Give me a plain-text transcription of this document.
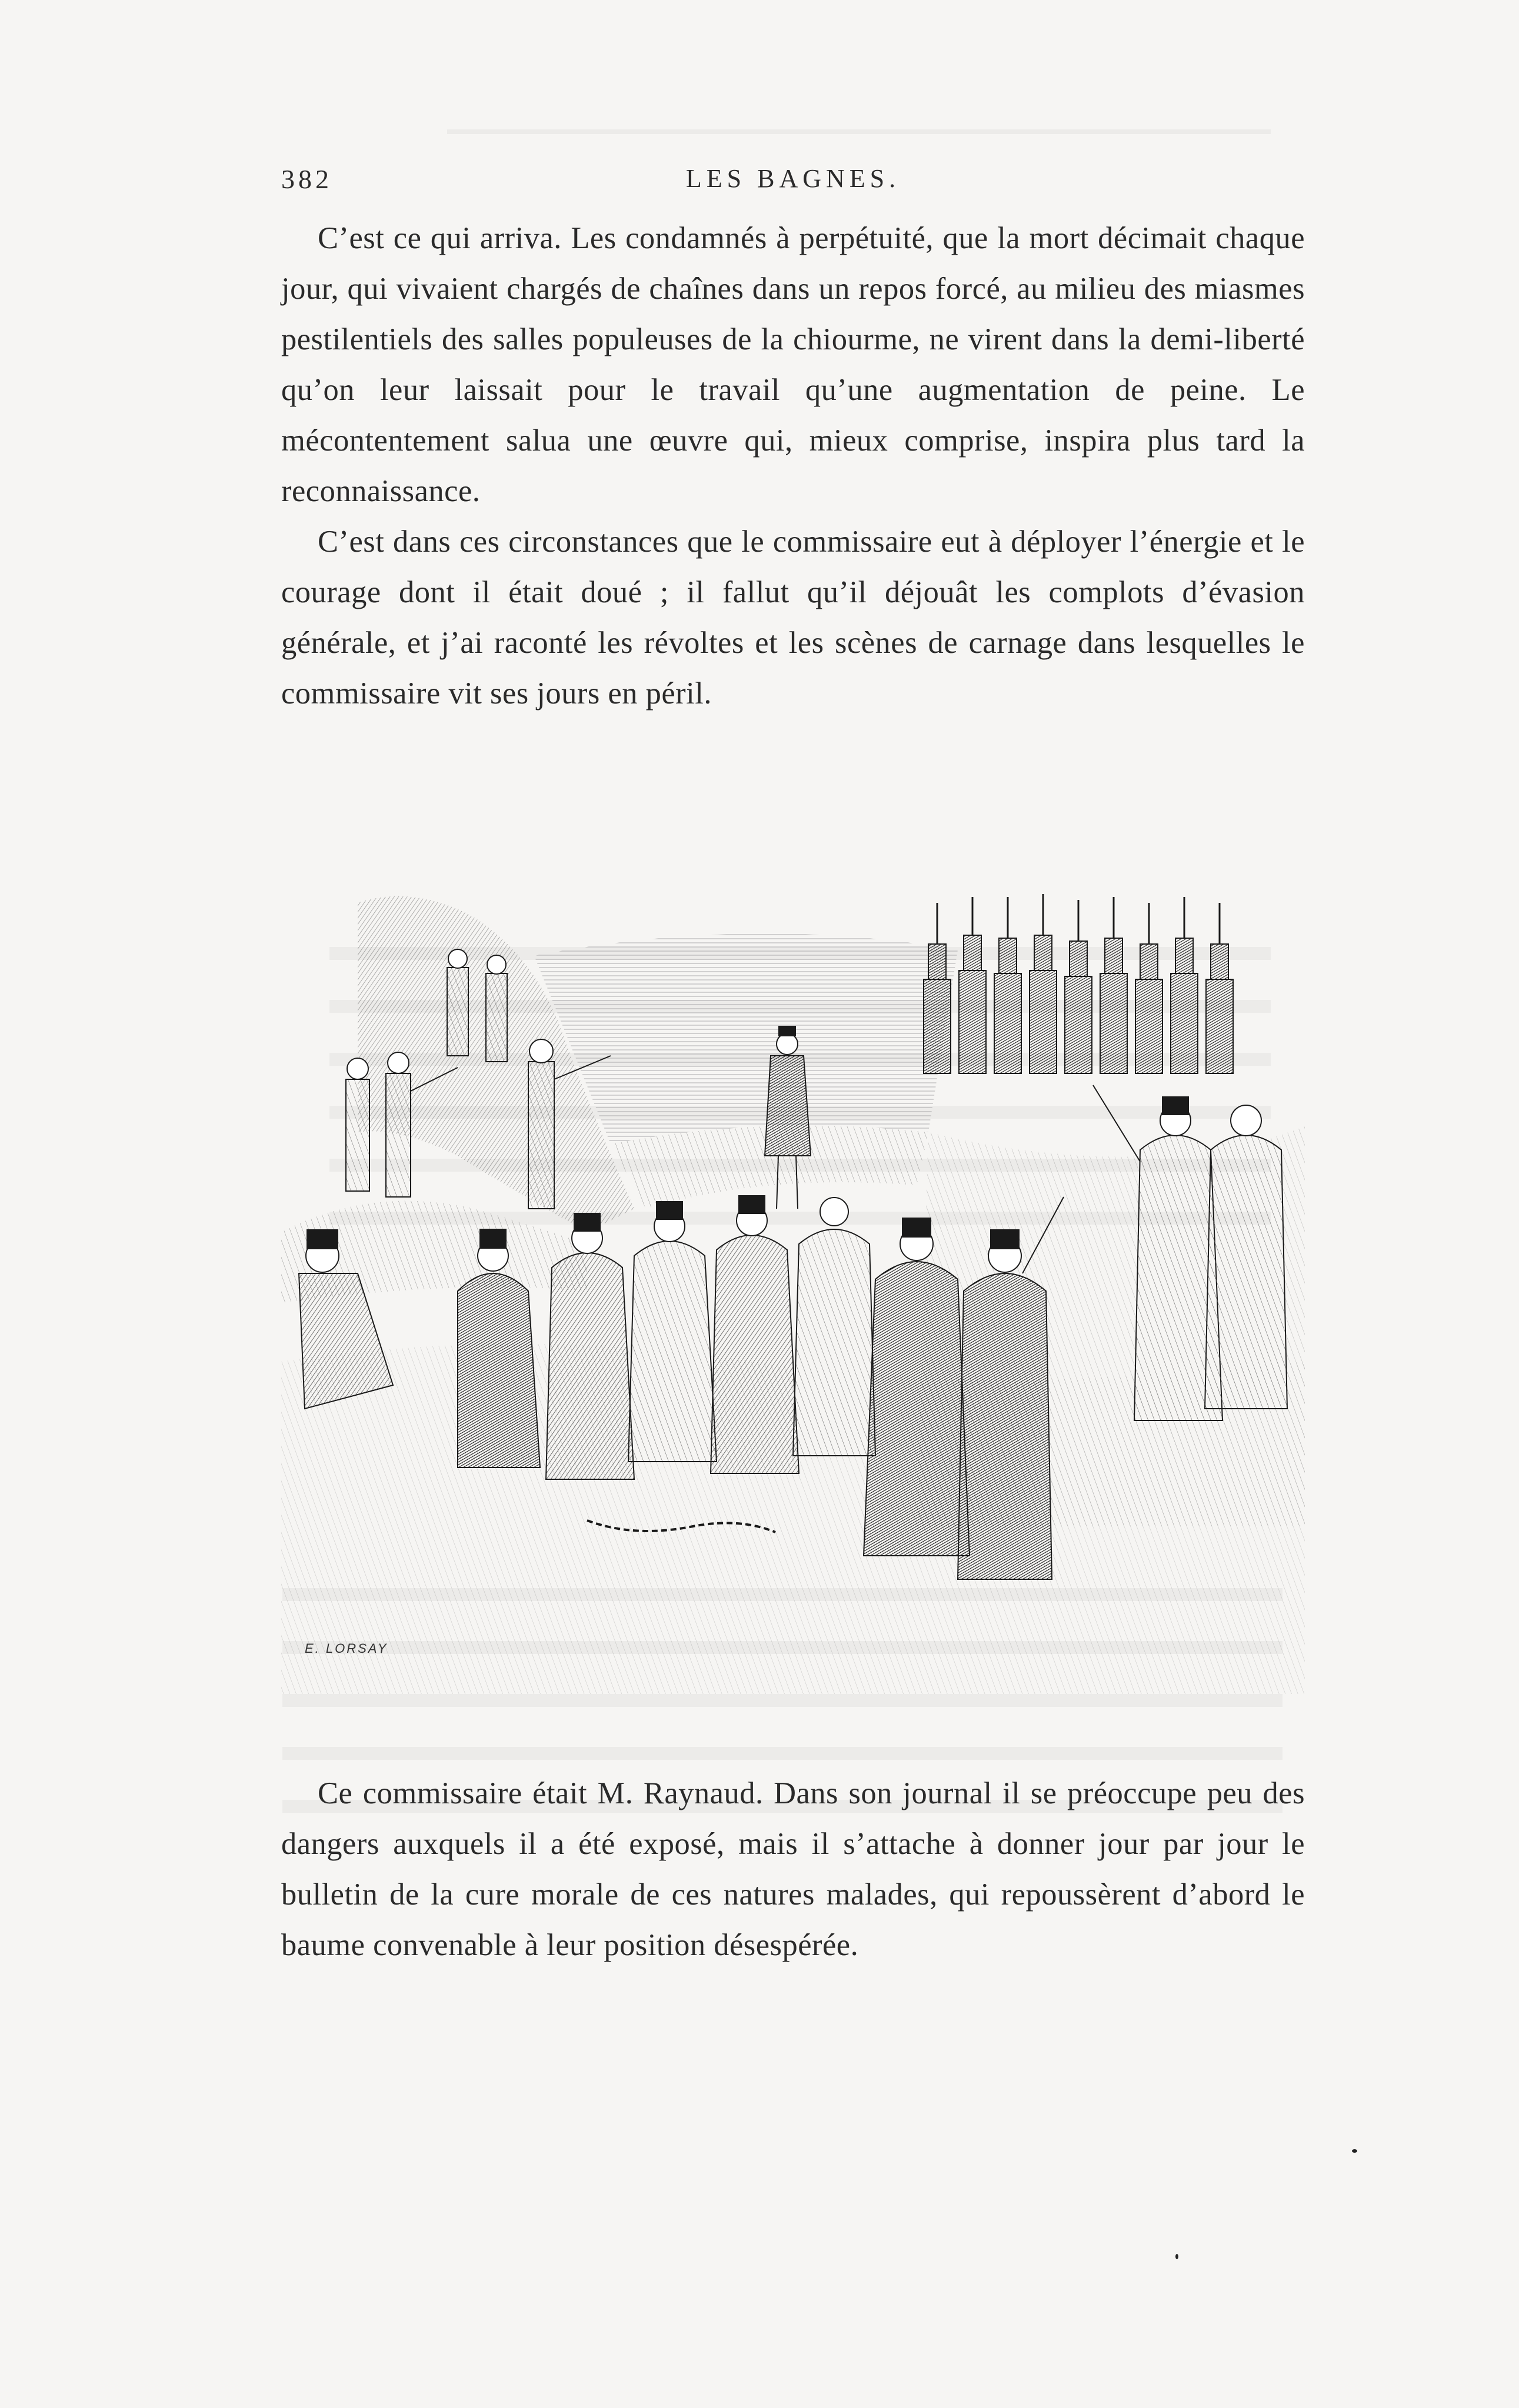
382	LES BAGNES.

C’est ce qui arriva. Les condamnés à perpétuité, que la mort décimait chaque jour, qui vivaient chargés de chaînes dans un repos forcé, au milieu des miasmes pestilentiels des salles populeuses de la chiourme, ne virent dans la demi-liberté qu’on leur laissait pour le travail qu’une augmentation de peine. Le mécontentement salua une œuvre qui, mieux comprise, inspira plus tard la reconnaissance.

C’est dans ces circonstances que le commissaire eut à déployer l’énergie et le courage dont il était doué ; il fallut qu’il déjouât les complots d’évasion générale, et j’ai raconté les révoltes et les scènes de carnage dans lesquelles le commissaire vit ses jours en péril.

E. LORSAY

Ce commissaire était M. Raynaud. Dans son journal il se préoccupe peu des dangers auxquels il a été exposé, mais il s’attache à donner jour par jour le bulletin de la cure morale de ces natures malades, qui repoussèrent d’abord le baume convenable à leur position désespérée.
